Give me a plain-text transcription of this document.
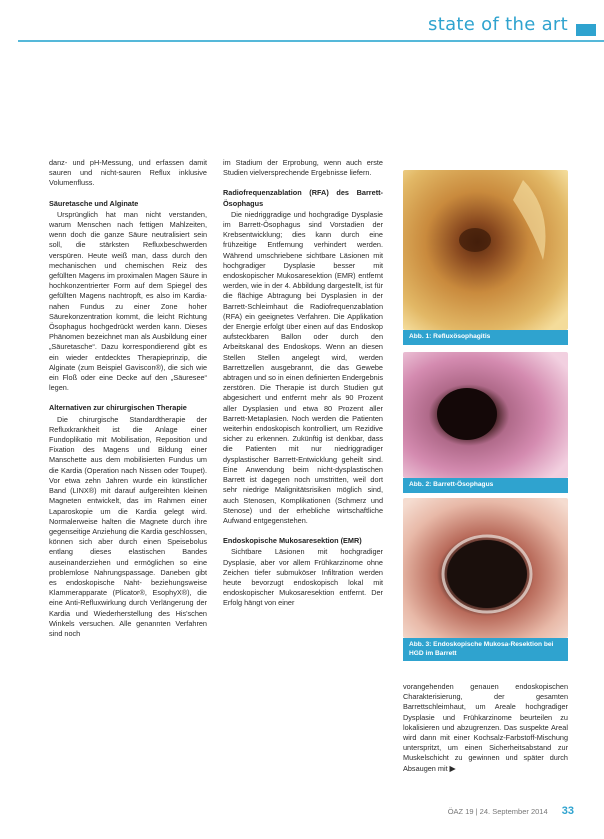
state of the art

danz- und pH-Messung, und erfassen damit sauren und nicht-sauren Reflux inklusive Volumenfluss.

Säuretasche und Alginate

Ursprünglich hat man nicht verstanden, warum Menschen nach fettigen Mahlzeiten, wenn doch die ganze Säure neutralisiert sein soll, die stärksten Refluxbeschwerden verspüren. Heute weiß man, dass durch den mechanischen und chemischen Reiz des gefüllten Magens im proximalen Magen Säure in hochkonzentrierter Form auf dem Spiegel des gefüllten Magens nachtropft, es also im Kardia-nahen Fundus zu einer Zone hoher Säurekonzentration kommt, die leicht Richtung Ösophagus hochgedrückt werden kann. Dieses Phänomen bezeichnet man als Ausbildung einer „Säuretasche“. Dazu korrespondierend gibt es ein wieder entdecktes Therapieprinzip, die Alginate (zum Beispiel Gaviscon®), die sich wie ein Floß oder eine Decke auf den „Säuresee“ legen.

Alternativen zur chirurgischen Therapie

Die chirurgische Standardtherapie der Refluxkrankheit ist die Anlage einer Fundoplikatio mit Mobilisation, Reposition und Fixation des Magens und Bildung einer Manschette aus dem mobilisierten Fundus um die Kardia (Operation nach Nissen oder Toupet). Vor etwa zehn Jahren wurde ein künstlicher Band (LINX®) mit darauf aufgereihten kleinen Magneten entwickelt, das im Rahmen einer Laparoskopie um die Kardia gelegt wird. Normalerweise halten die Magnete durch ihre gegenseitige Anziehung die Kardia geschlossen, können sich aber durch einen Speisebolus entlang dieses elastischen Bandes auseinanderziehen und ermöglichen so eine problemlose Nahrungspassage. Daneben gibt es endoskopische Naht- beziehungsweise Klammerapparate (Plicator®, EsophyX®), die eine Anti-Refluxwirkung durch Verlängerung der Kardia und Wiederherstellung des His'schen Winkels versuchen. Alle genannten Verfahren sind noch

im Stadium der Erprobung, wenn auch erste Studien vielversprechende Ergebnisse liefern.

Radiofrequenzablation (RFA) des Barrett-Ösophagus

Die niedriggradige und hochgradige Dysplasie im Barrett-Ösophagus sind Vorstadien der Krebsentwicklung; dies kann durch eine frühzeitige Entfernung verhindert werden. Während umschriebene sichtbare Läsionen mit hochgradiger Dysplasie besser mit endoskopischer Mukosaresektion (EMR) entfernt werden, wie in der 4. Abbildung dargestellt, ist für die flächige Abtragung bei Dysplasien in der Barrett-Schleimhaut die Radiofrequenzablation (RFA) ein geeignetes Verfahren. Die Applikation der Energie erfolgt über einen auf das Endoskop aufsteckbaren Ballon oder durch den Arbeitskanal des Endoskops. Wenn an diesen Stellen Stellen angelegt wird, werden Barrettzellen ausgebrannt, die das Gewebe abtragen und so in einen definierten Endergebnis zerstören. Die Therapie ist durch Studien gut abgesichert und entfernt mehr als 90 Prozent aller Dysplasien und etwa 80 Prozent aller Barrett-Metaplasien. Noch werden die Patienten weiterhin endoskopisch kontrolliert, um Rezidive sicher zu erkennen. Zukünftig ist denkbar, dass die Patienten mit nur niedriggradiger dysplastischer Barrett-Entwicklung geheilt sind. Eine Anwendung beim nicht-dysplastischen Barrett ist dagegen noch umstritten, weil dort sehr niedrige Malignitätsrisiken möglich sind, auch Stenosen, Komplikationen (Schmerz und Stenose) und der erhebliche wirtschaftliche Aufwand entgegenstehen.

Endoskopische Mukosaresektion (EMR)

Sichtbare Läsionen mit hochgradiger Dysplasie, aber vor allem Frühkarzinome ohne Zeichen tiefer submuköser Infiltration werden heute bevorzugt endoskopisch lokal mit endoskopischer Mukosaresektion entfernt. Der Erfolg hängt von einer

Abb. 1: Refluxösophagitis
Abb. 2: Barrett-Ösophagus
Abb. 3: Endoskopische Mukosa-Resektion bei HGD im Barrett

vorangehenden genauen endoskopischen Charakterisierung, der gesamten Barrettschleimhaut, um Areale hochgradiger Dysplasie und Frühkarzinome beurteilen zu lokalisieren und abzugrenzen. Das suspekte Areal wird dann mit einer Kochsalz-Farbstoff-Mischung unterspritzt, um einen Sicherheitsabstand zur Muskelschicht zu gewinnen und später durch Absaugen mit ▶

ÖAZ 19 | 24. September 2014 33
